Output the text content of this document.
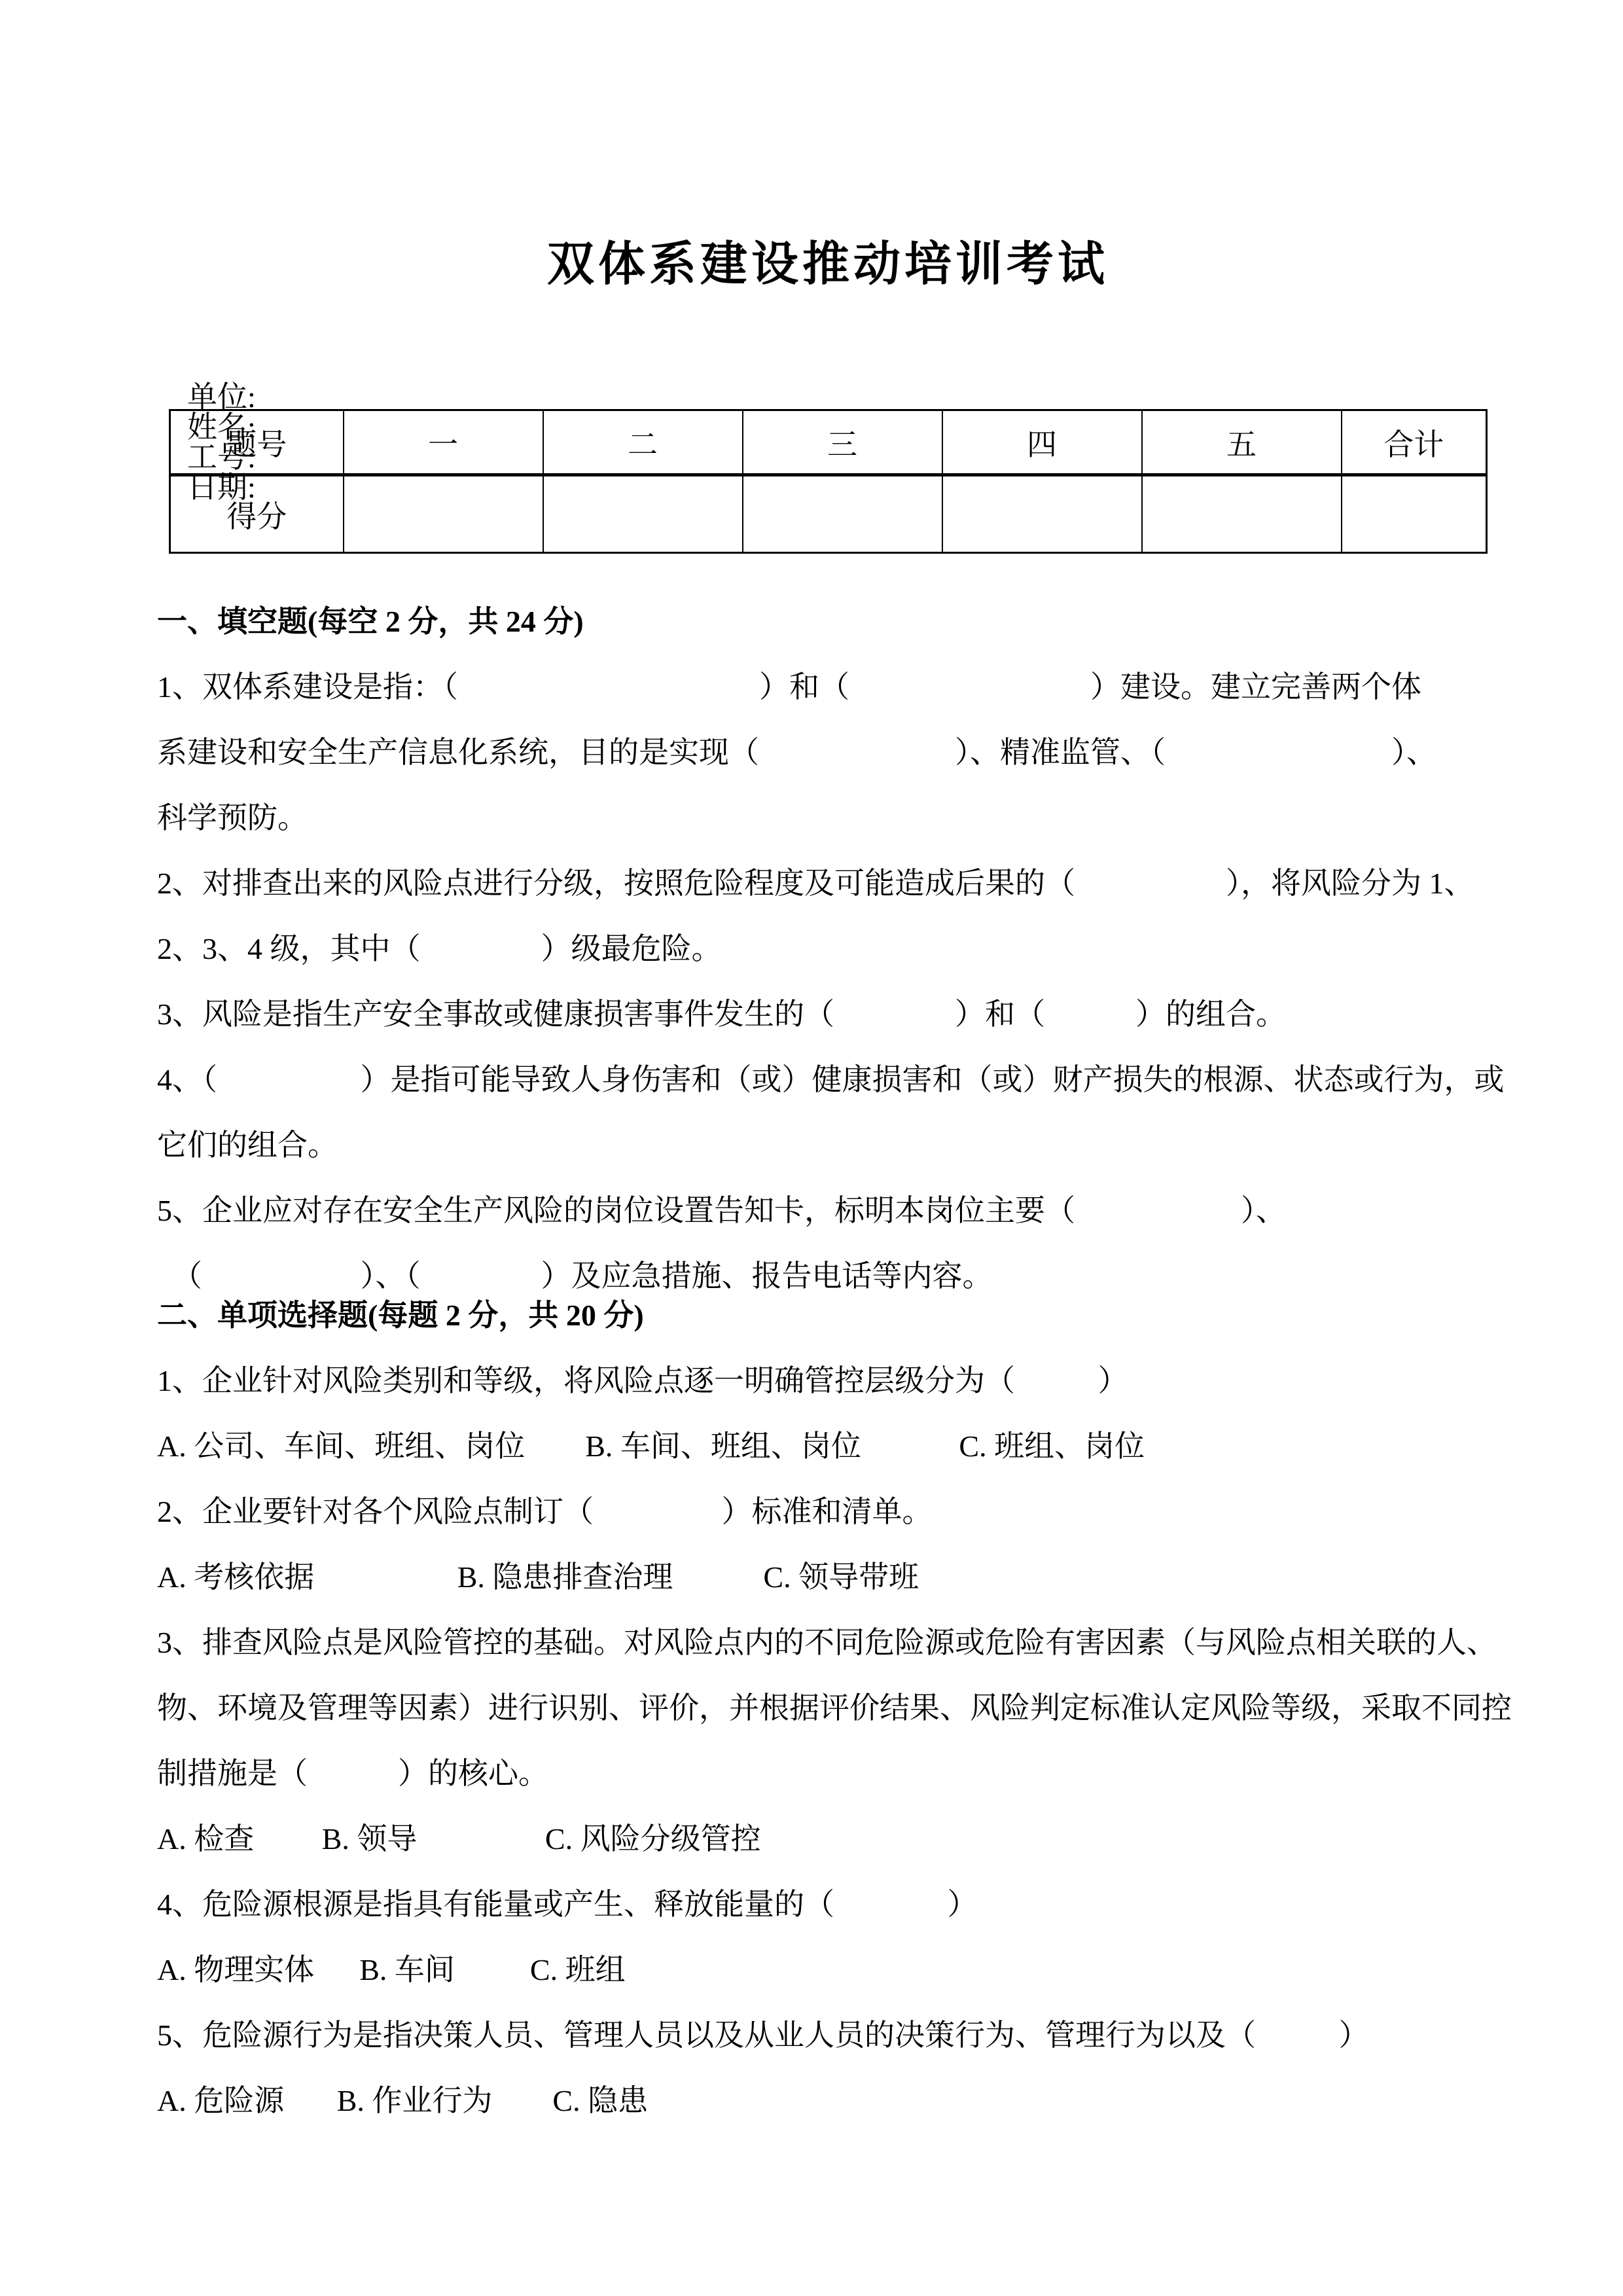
双体系建设推动培训考试

单位:
姓名:
工号:
日期:

题号	一	二	三	四	五	合计
得分						
一、填空题(每空 2 分，共 24 分)
1、双体系建设是指：（                                        ）和（                                ）建设。建立完善两个体
系建设和安全生产信息化系统，目的是实现（                          ）、精准监管、（                              ）、
科学预防。
2、对排查出来的风险点进行分级，按照危险程度及可能造成后果的（                    ），将风险分为 1、
2、3、4 级，其中（                ）级最危险。
3、风险是指生产安全事故或健康损害事件发生的（                ）和（            ）的组合。
4、（                   ）是指可能导致人身伤害和（或）健康损害和（或）财产损失的根源、状态或行为，或
它们的组合。
5、企业应对存在安全生产风险的岗位设置告知卡，标明本岗位主要（                      ）、
（                     ）、（                ）及应急措施、报告电话等内容。
二、单项选择题(每题 2 分，共 20 分)
1、企业针对风险类别和等级，将风险点逐一明确管控层级分为（           ）
A. 公司、车间、班组、岗位        B. 车间、班组、岗位             C. 班组、岗位
2、企业要针对各个风险点制订（                 ）标准和清单。
A. 考核依据                   B. 隐患排查治理            C. 领导带班
3、排查风险点是风险管控的基础。对风险点内的不同危险源或危险有害因素（与风险点相关联的人、
物、环境及管理等因素）进行识别、评价，并根据评价结果、风险判定标准认定风险等级，采取不同控
制措施是（            ）的核心。
A. 检查         B. 领导                 C. 风险分级管控
4、危险源根源是指具有能量或产生、释放能量的（               ）
A. 物理实体      B. 车间          C. 班组
5、危险源行为是指决策人员、管理人员以及从业人员的决策行为、管理行为以及（           ）
A. 危险源       B. 作业行为        C. 隐患
